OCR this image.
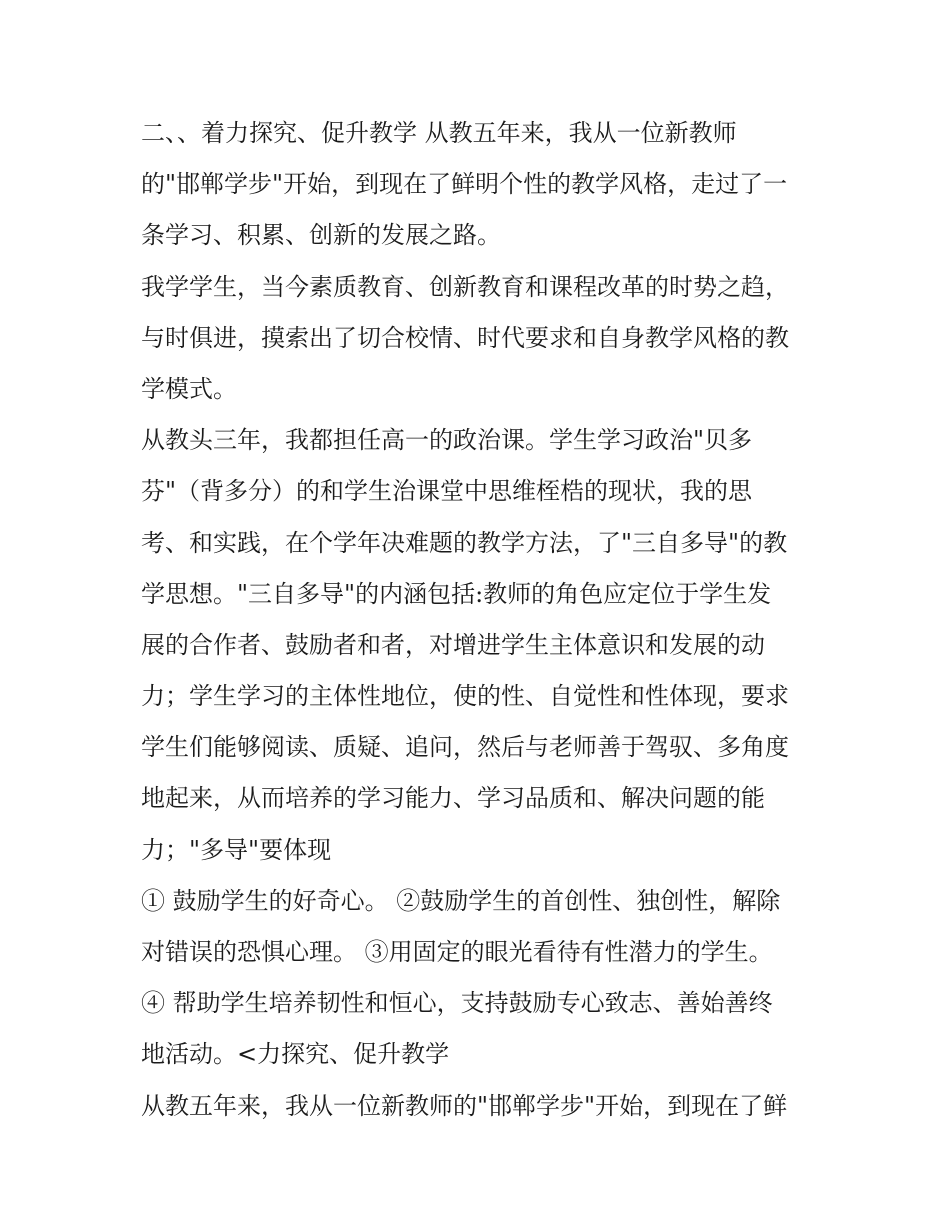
二、、着力探究、促升教学 从教五年来，我从一位新教师
的"邯郸学步"开始，到现在了鲜明个性的教学风格，走过了一
条学习、积累、创新的发展之路。
我学学生，当今素质教育、创新教育和课程改革的时势之趋，
与时俱进，摸索出了切合校情、时代要求和自身教学风格的教
学模式。
从教头三年，我都担任高一的政治课。学生学习政治"贝多
芬"（背多分）的和学生治课堂中思维桎梏的现状，我的思
考、和实践，在个学年决难题的教学方法，了"三自多导"的教
学思想。"三自多导"的内涵包括:教师的角色应定位于学生发
展的合作者、鼓励者和者，对增进学生主体意识和发展的动
力；学生学习的主体性地位，使的性、自觉性和性体现，要求
学生们能够阅读、质疑、追问，然后与老师善于驾驭、多角度
地起来，从而培养的学习能力、学习品质和、解决问题的能
力；"多导"要体现
① 鼓励学生的好奇心。 ②鼓励学生的首创性、独创性，解除
对错误的恐惧心理。 ③用固定的眼光看待有性潜力的学生。
④ 帮助学生培养韧性和恒心，支持鼓励专心致志、善始善终
地活动。<力探究、促升教学
从教五年来，我从一位新教师的"邯郸学步"开始，到现在了鲜
